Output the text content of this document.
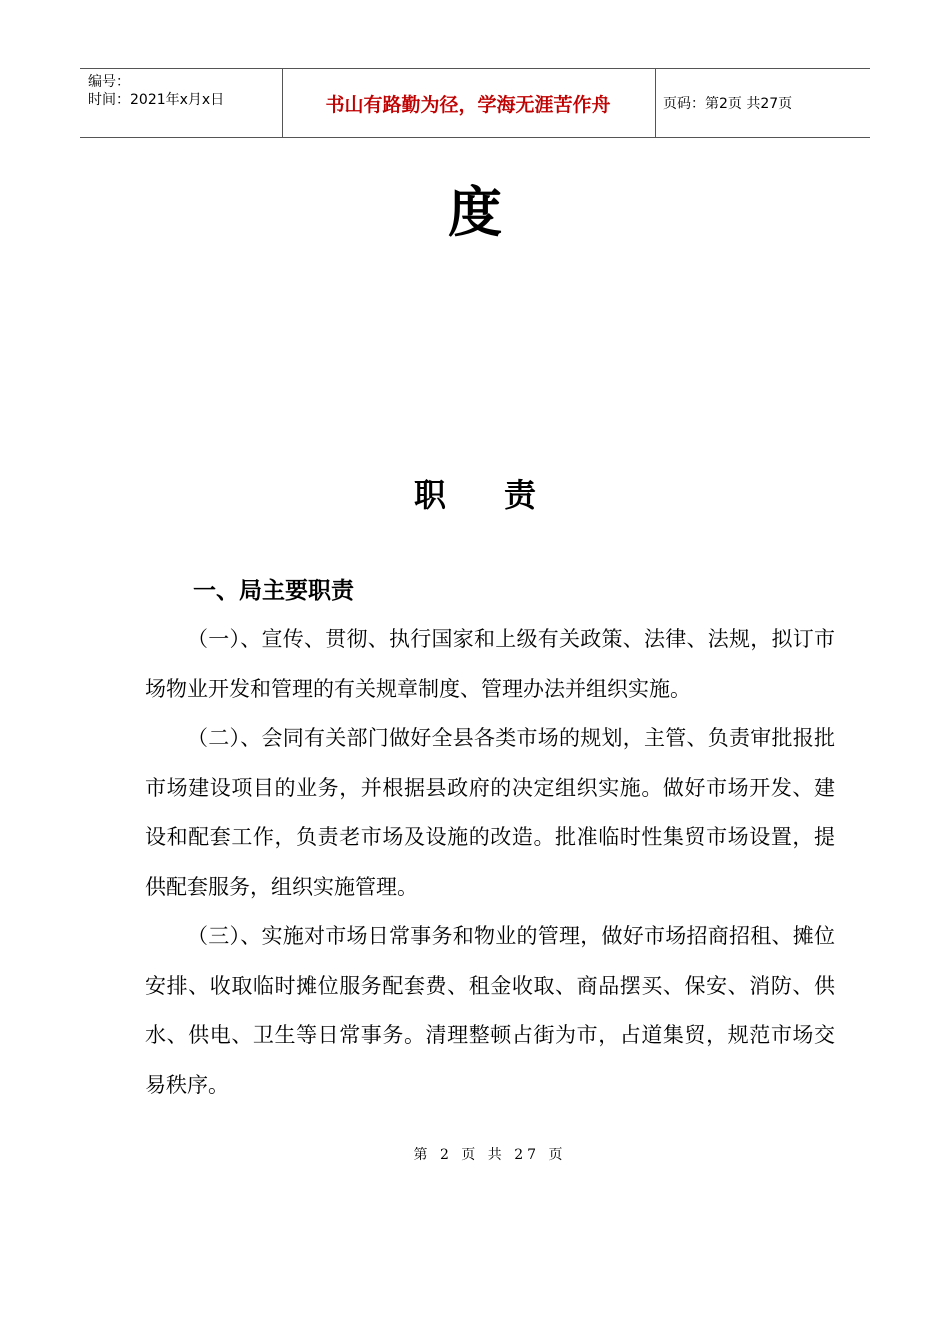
编号：
时间：2021年x月x日	书山有路勤为径，学海无涯苦作舟	页码：第2页 共27页
度
职责
一、局主要职责

（一）、宣传、贯彻、执行国家和上级有关政策、法律、法规，拟订市场物业开发和管理的有关规章制度、管理办法并组织实施。

（二）、会同有关部门做好全县各类市场的规划，主管、负责审批报批市场建设项目的业务，并根据县政府的决定组织实施。做好市场开发、建设和配套工作，负责老市场及设施的改造。批准临时性集贸市场设置，提供配套服务，组织实施管理。

（三）、实施对市场日常事务和物业的管理，做好市场招商招租、摊位安排、收取临时摊位服务配套费、租金收取、商品摆买、保安、消防、供水、供电、卫生等日常事务。清理整顿占街为市，占道集贸，规范市场交易秩序。

第 2 页 共 27 页
